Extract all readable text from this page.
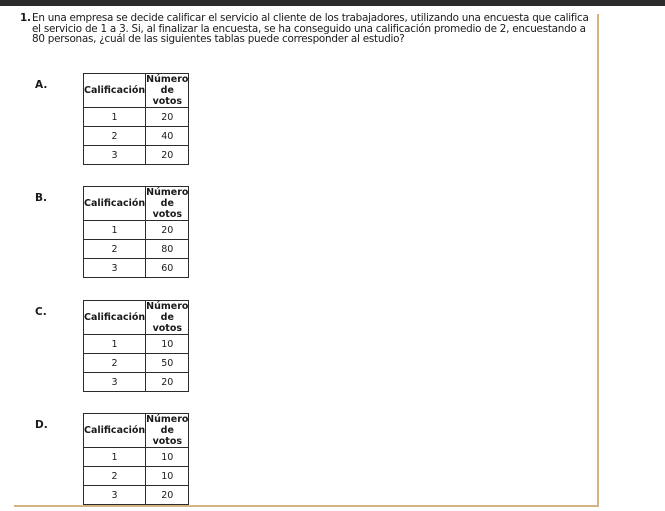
1. En una empresa se decide calificar el servicio al cliente de los trabajadores, utilizando una encuesta que califica el servicio de 1 a 3. Si, al finalizar la encuesta, se ha conseguido una calificación promedio de 2, encuestando a 80 personas, ¿cuál de las siguientes tablas puede corresponder al estudio?
A.	Calificación	Número de votos
1	20
2	40
3	20
B.	Calificación	Número de votos
1	20
2	80
3	60
C.	Calificación	Número de votos
1	10
2	50
3	20
D.	Calificación	Número de votos
1	10
2	10
3	20
